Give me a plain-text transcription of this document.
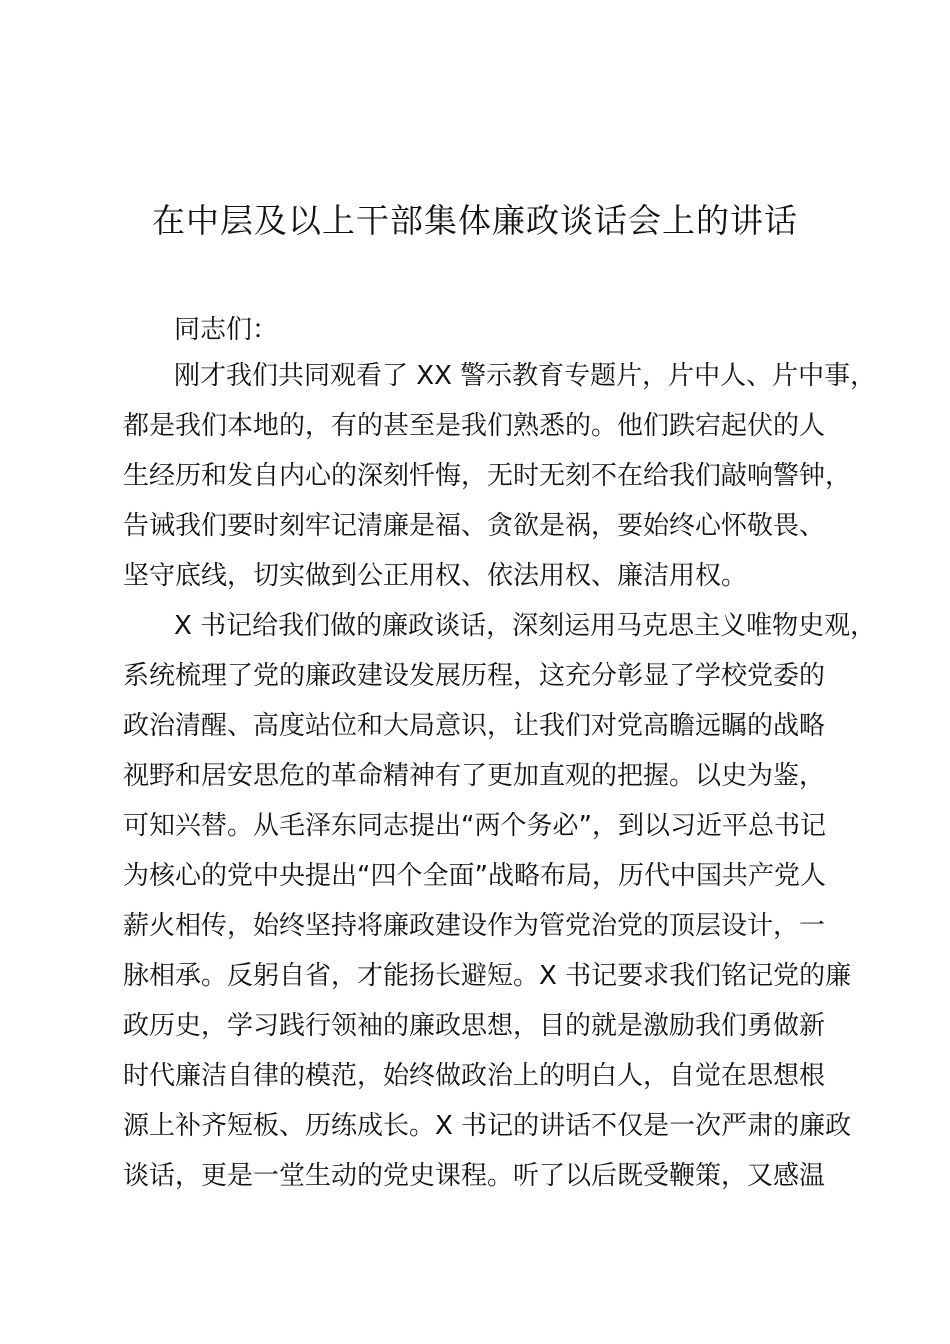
在中层及以上干部集体廉政谈话会上的讲话
同志们：
刚才我们共同观看了 XX 警示教育专题片，片中人、片中事，
都是我们本地的，有的甚至是我们熟悉的。他们跌宕起伏的人
生经历和发自内心的深刻忏悔，无时无刻不在给我们敲响警钟，
告诫我们要时刻牢记清廉是福、贪欲是祸，要始终心怀敬畏、
坚守底线，切实做到公正用权、依法用权、廉洁用权。
X 书记给我们做的廉政谈话，深刻运用马克思主义唯物史观，
系统梳理了党的廉政建设发展历程，这充分彰显了学校党委的
政治清醒、高度站位和大局意识，让我们对党高瞻远瞩的战略
视野和居安思危的革命精神有了更加直观的把握。以史为鉴，
可知兴替。从毛泽东同志提出“两个务必”，到以习近平总书记
为核心的党中央提出“四个全面”战略布局，历代中国共产党人
薪火相传，始终坚持将廉政建设作为管党治党的顶层设计，一
脉相承。反躬自省，才能扬长避短。X 书记要求我们铭记党的廉
政历史，学习践行领袖的廉政思想，目的就是激励我们勇做新
时代廉洁自律的模范，始终做政治上的明白人，自觉在思想根
源上补齐短板、历练成长。X 书记的讲话不仅是一次严肃的廉政
谈话，更是一堂生动的党史课程。听了以后既受鞭策，又感温
